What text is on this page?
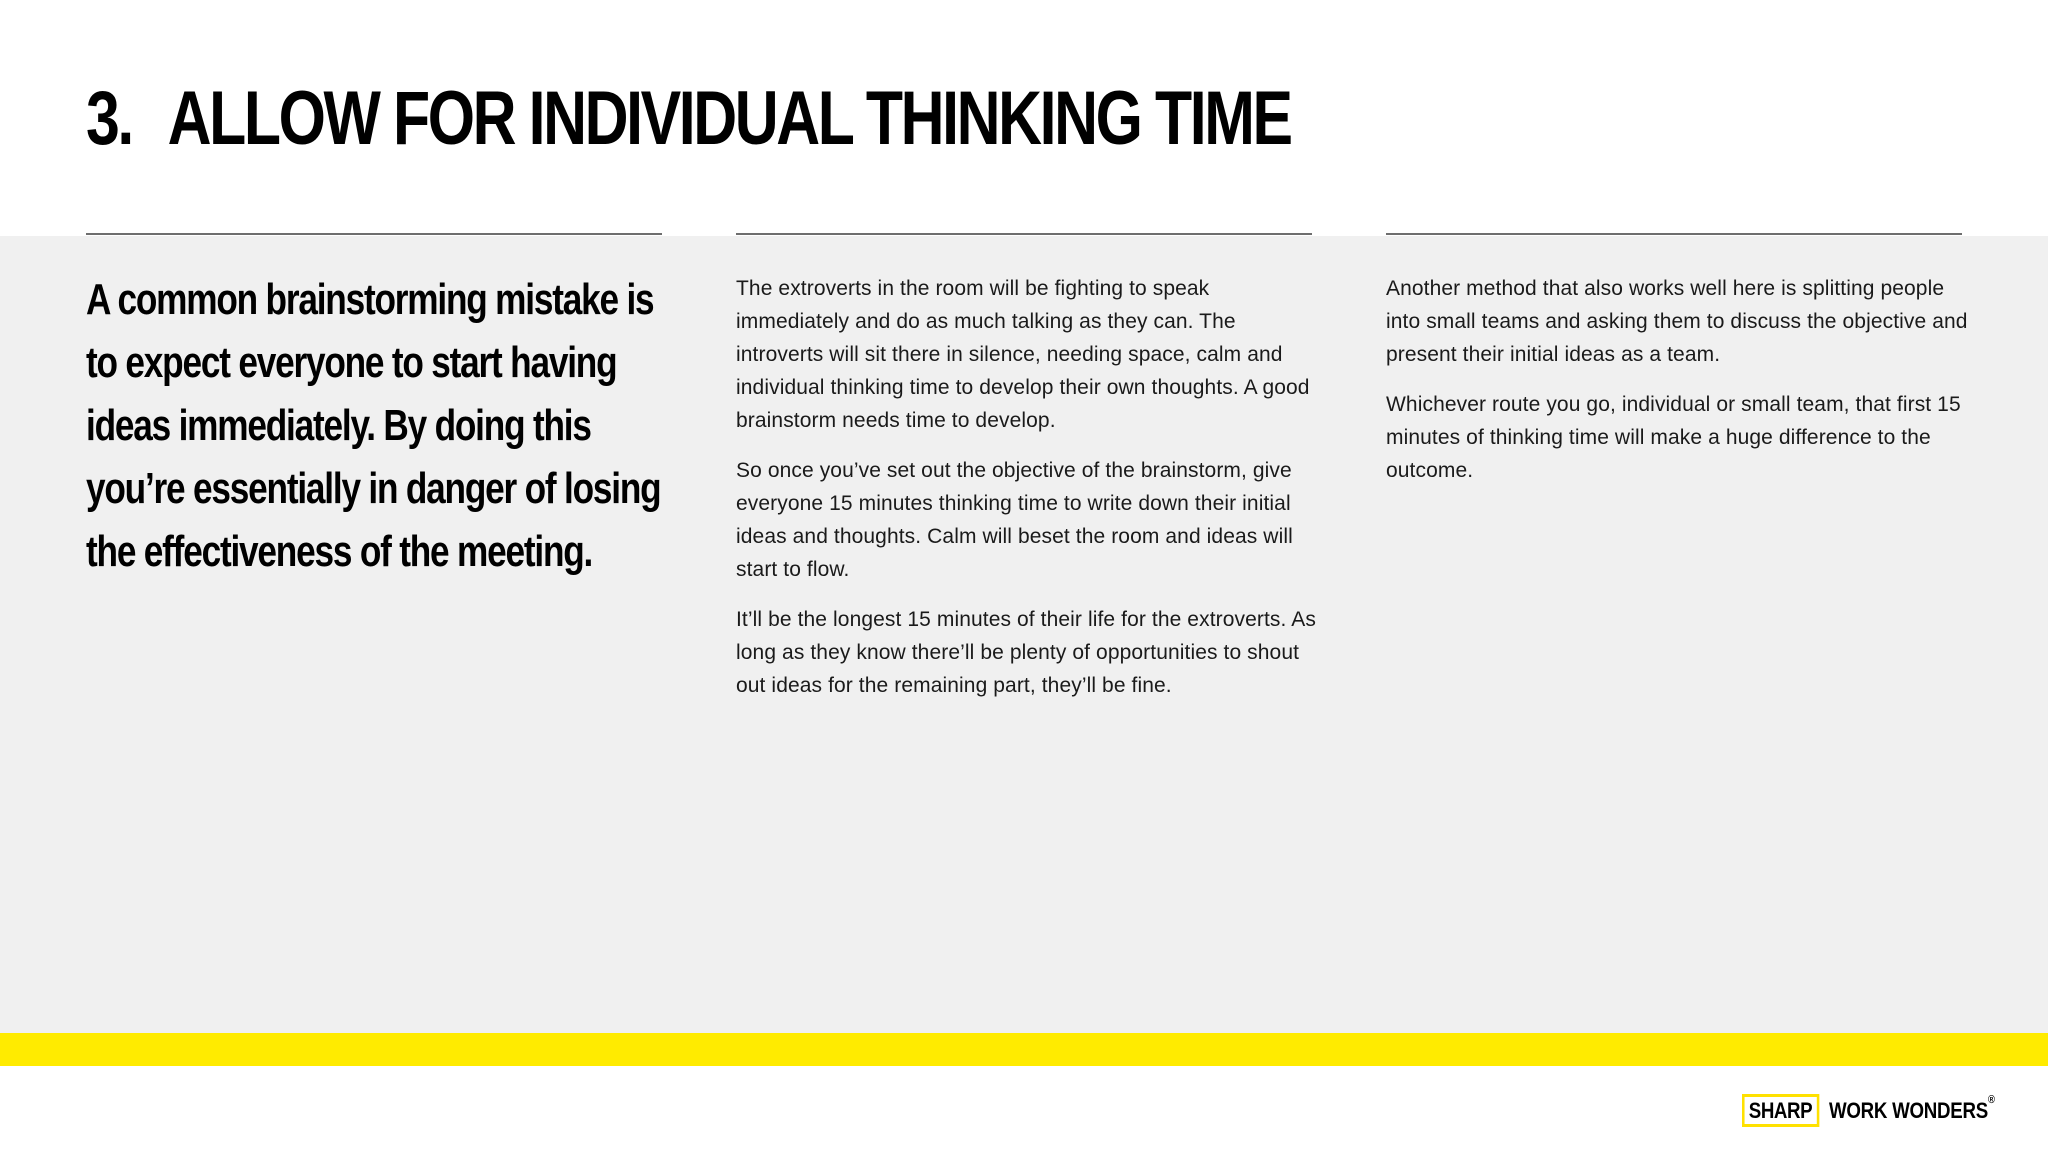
3. ALLOW FOR INDIVIDUAL THINKING TIME

A common brainstorming mistake is to expect everyone to start having ideas immediately. By doing this you’re essentially in danger of losing the effectiveness of the meeting.

The extroverts in the room will be fighting to speak immediately and do as much talking as they can. The introverts will sit there in silence, needing space, calm and individual thinking time to develop their own thoughts. A good brainstorm needs time to develop.

So once you’ve set out the objective of the brainstorm, give everyone 15 minutes thinking time to write down their initial ideas and thoughts. Calm will beset the room and ideas will start to flow.

It’ll be the longest 15 minutes of their life for the extroverts. As long as they know there’ll be plenty of opportunities to shout out ideas for the remaining part, they’ll be fine.

Another method that also works well here is splitting people into small teams and asking them to discuss the objective and present their initial ideas as a team.

Whichever route you go, individual or small team, that first 15 minutes of thinking time will make a huge difference to the outcome.

SHARP WORK WONDERS®
